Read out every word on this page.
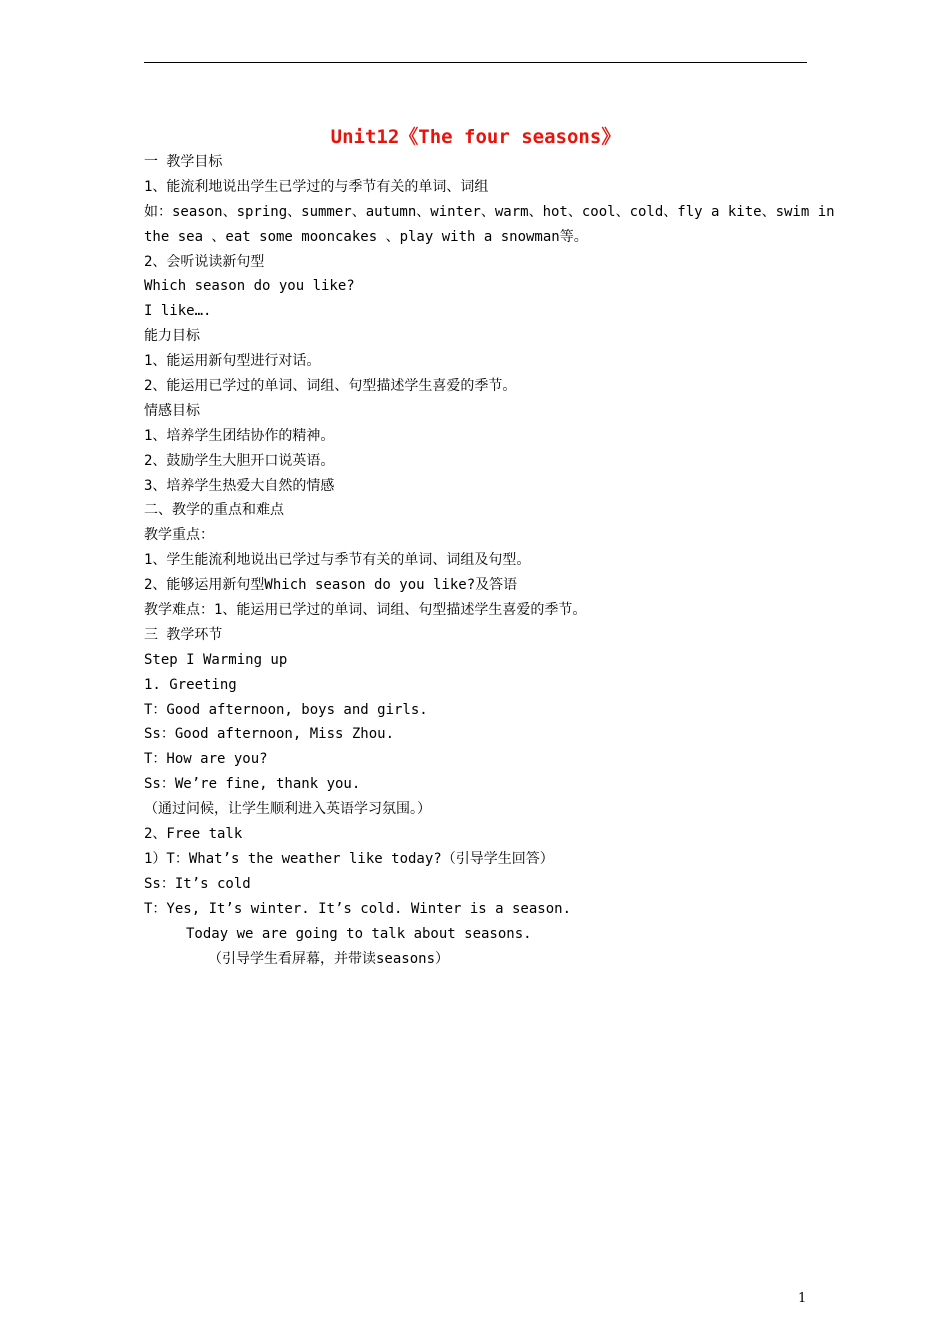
Unit12《The four seasons》
一 教学目标
1、能流利地说出学生已学过的与季节有关的单词、词组
如：season、spring、summer、autumn、winter、warm、hot、cool、cold、fly a kite、swim in
the sea 、eat some mooncakes 、play with a snowman等。
2、会听说读新句型
Which season do you like?
I like….
能力目标
1、能运用新句型进行对话。
2、能运用已学过的单词、词组、句型描述学生喜爱的季节。
情感目标
1、培养学生团结协作的精神。
2、鼓励学生大胆开口说英语。
3、培养学生热爱大自然的情感
二、教学的重点和难点
教学重点：
1、学生能流利地说出已学过与季节有关的单词、词组及句型。
2、能够运用新句型Which season do you like?及答语
教学难点：1、能运用已学过的单词、词组、句型描述学生喜爱的季节。
三 教学环节
Step I Warming up
1. Greeting
T：Good afternoon, boys and girls.
Ss：Good afternoon, Miss Zhou.
T：How are you?
Ss：We’re fine, thank you.
（通过问候，让学生顺利进入英语学习氛围。）
2、Free talk
1）T：What’s the weather like today?（引导学生回答）
Ss：It’s cold
T：Yes, It’s winter. It’s cold. Winter is a season.
Today we are going to talk about seasons.
（引导学生看屏幕，并带读seasons）
1
